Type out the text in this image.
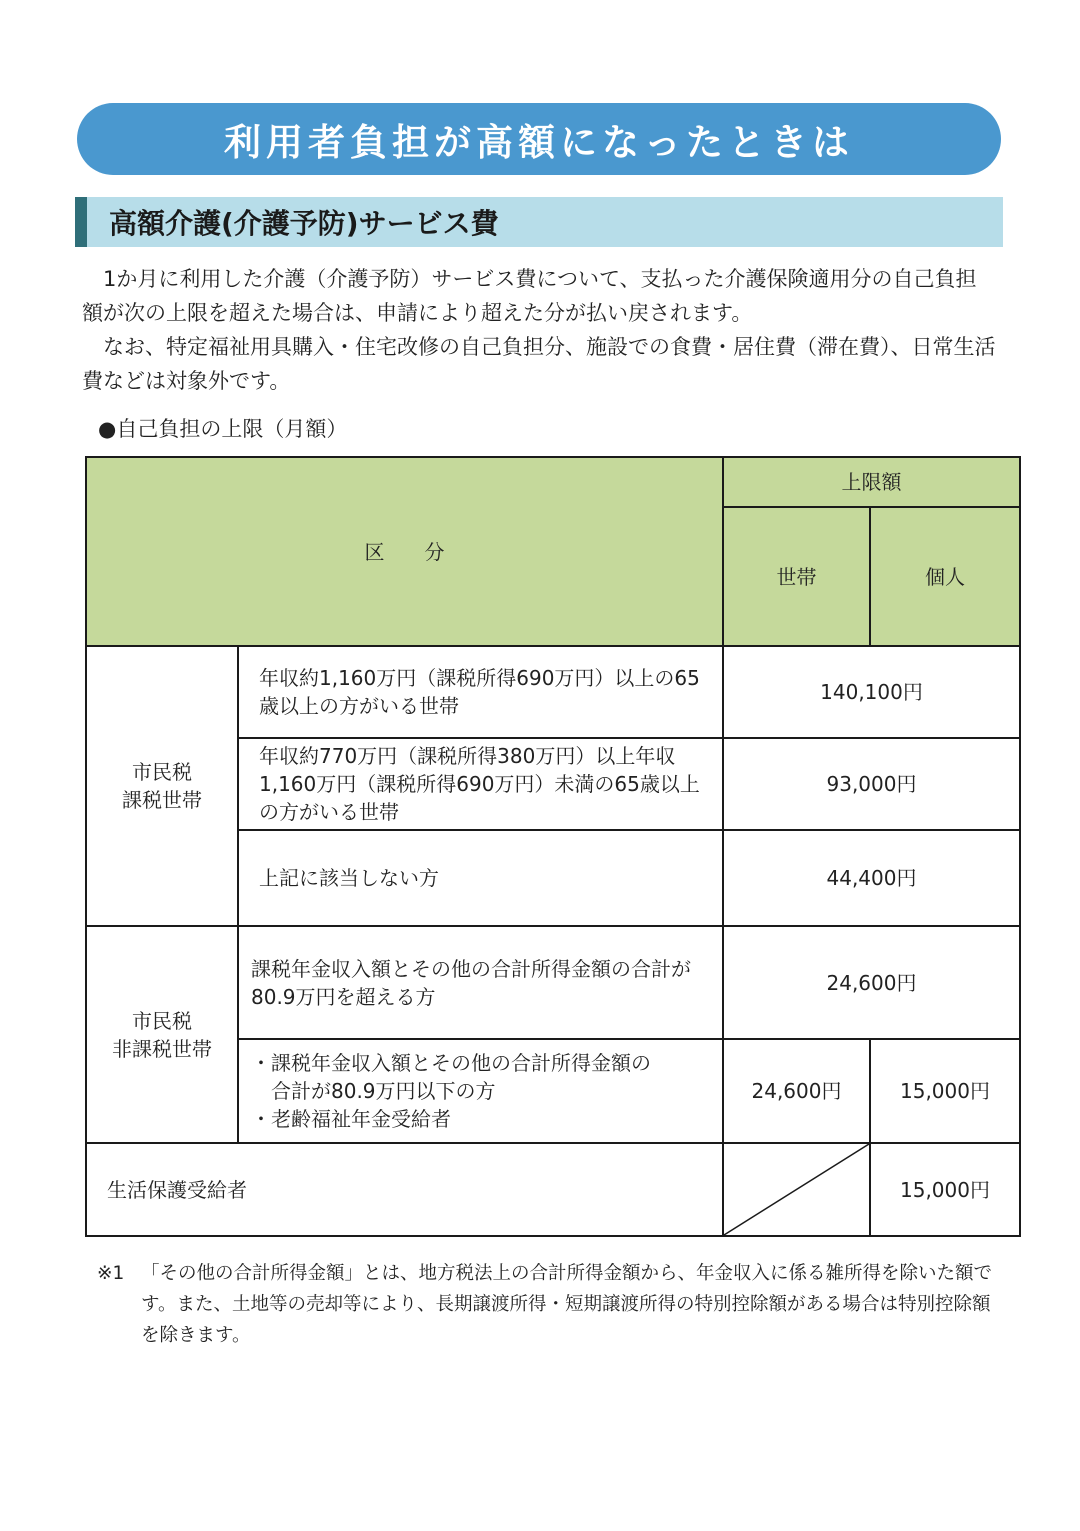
利用者負担が高額になったときは
高額介護(介護予防)サービス費
　1か月に利用した介護（介護予防）サービス費について、支払った介護保険適用分の自己負担額が次の上限を超えた場合は、申請により超えた分が払い戻されます。
　なお、特定福祉用具購入・住宅改修の自己負担分、施設での食費・居住費（滞在費）、日常生活費などは対象外です。
●自己負担の上限（月額）
区　　分		上限額	
		世帯	個人
市民税
課税世帯	年収約1,160万円（課税所得690万円）以上の65歳以上の方がいる世帯	140,100円	
	年収約770万円（課税所得380万円）以上年収1,160万円（課税所得690万円）未満の65歳以上の方がいる世帯	93,000円	
	上記に該当しない方	44,400円	
市民税
非課税世帯	課税年金収入額とその他の合計所得金額の合計が80.9万円を超える方	24,600円	
	・課税年金収入額とその他の合計所得金額の
　合計が80.9万円以下の方
・老齢福祉年金受給者	24,600円	15,000円
生活保護受給者			15,000円
※1 「その他の合計所得金額」とは、地方税法上の合計所得金額から、年金収入に係る雑所得を除いた額です。また、土地等の売却等により、長期譲渡所得・短期譲渡所得の特別控除額がある場合は特別控除額を除きます。
